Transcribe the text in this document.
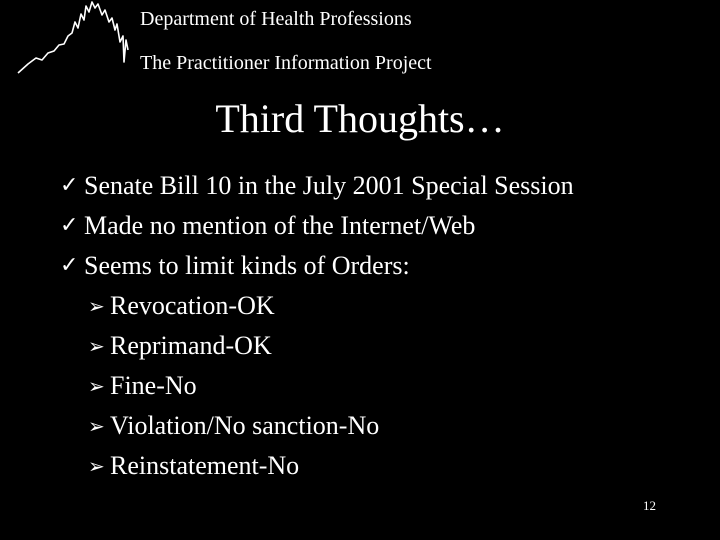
Department of Health Professions
The Practitioner Information Project
Third Thoughts…
✓ Senate Bill 10 in the July 2001 Special Session
✓ Made no mention of the Internet/Web
✓ Seems to limit kinds of Orders:
➢ Revocation-OK
➢ Reprimand-OK
➢ Fine-No
➢ Violation/No sanction-No
➢ Reinstatement-No
12
